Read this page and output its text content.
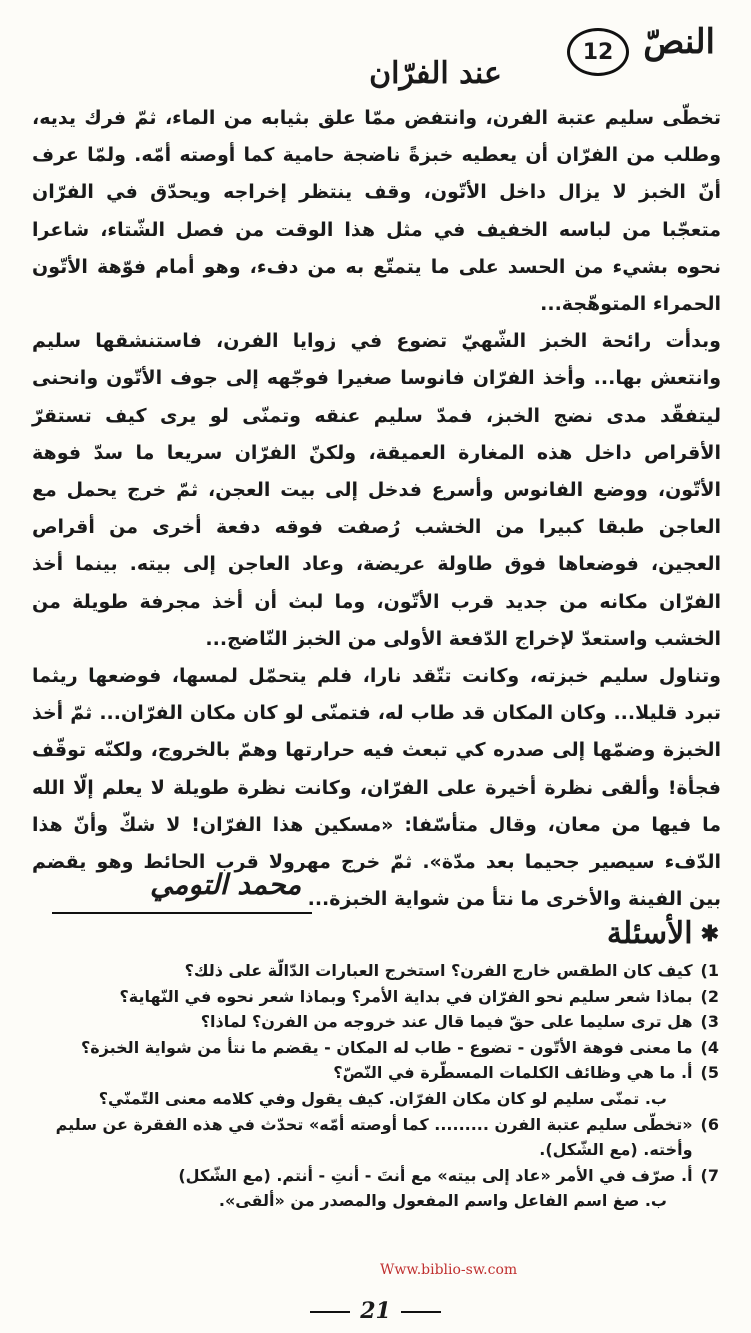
النصّ
12
عند الفرّان

تخطّى سليم عتبة الفرن، وانتفض ممّا علق بثيابه من الماء، ثمّ فرك يديه، وطلب من الفرّان أن يعطيه خبزةً ناضجة حامية كما أوصته أمّه. ولمّا عرف أنّ الخبز لا يزال داخل الأتّون، وقف ينتظر إخراجه ويحدّق في الفرّان متعجّبا من لباسه الخفيف في مثل هذا الوقت من فصل الشّتاء، شاعرا نحوه بشيء من الحسد على ما يتمتّع به من دفء، وهو أمام فوّهة الأتّون الحمراء المتوهّجة...

وبدأت رائحة الخبز الشّهيّ تضوع في زوايا الفرن، فاستنشقها سليم وانتعش بها... وأخذ الفرّان فانوسا صغيرا فوجّهه إلى جوف الأتّون وانحنى ليتفقّد مدى نضج الخبز، فمدّ سليم عنقه وتمنّى لو يرى كيف تستقرّ الأقراص داخل هذه المغارة العميقة، ولكنّ الفرّان سريعا ما سدّ فوهة الأتّون، ووضع الفانوس وأسرع فدخل إلى بيت العجن، ثمّ خرج يحمل مع العاجن طبقا كبيرا من الخشب رُصفت فوقه دفعة أخرى من أقراص العجين، فوضعاها فوق طاولة عريضة، وعاد العاجن إلى بيته. بينما أخذ الفرّان مكانه من جديد قرب الأتّون، وما لبث أن أخذ مجرفة طويلة من الخشب واستعدّ لإخراج الدّفعة الأولى من الخبز النّاضج...

وتناول سليم خبزته، وكانت تتّقد نارا، فلم يتحمّل لمسها، فوضعها ريثما تبرد قليلا... وكان المكان قد طاب له، فتمنّى لو كان مكان الفرّان... ثمّ أخذ الخبزة وضمّها إلى صدره كي تبعث فيه حرارتها وهمّ بالخروج، ولكنّه توقّف فجأة! وألقى نظرة أخيرة على الفرّان، وكانت نظرة طويلة لا يعلم إلّا الله ما فيها من معان، وقال متأسّفا: «مسكين هذا الفرّان! لا شكّ وأنّ هذا الدّفء سيصير جحيما بعد مدّة». ثمّ خرج مهرولا قرب الحائط وهو يقضم بين الفينة والأخرى ما نتأ من شواية الخبزة...

محمد التومي
✱
الأسئلة
1)
كيف كان الطقس خارج الفرن؟ استخرج العبارات الدّالّة على ذلك؟
2)
بماذا شعر سليم نحو الفرّان في بداية الأمر؟ وبماذا شعر نحوه في النّهاية؟
3)
هل ترى سليما على حقّ فيما قال عند خروجه من الفرن؟ لماذا؟
4)
ما معنى فوهة الأتّون - تضوع - طاب له المكان - يقضم ما نتأ من شواية الخبزة؟
5)
أ. ما هي وظائف الكلمات المسطّرة في النّصّ؟
ب. تمنّى سليم لو كان مكان الفرّان. كيف يقول وفي كلامه معنى التّمنّي؟
6)
«تخطّى سليم عتبة الفرن ......... كما أوصته أمّه» تحدّث في هذه الفقرة عن سليم وأخته. (مع الشّكل).
7)
أ. صرّف في الأمر «عاد إلى بيته» مع أنتَ - أنتِ - أنتم. (مع الشّكل)
ب. صغ اسم الفاعل واسم المفعول والمصدر من «ألقى».
Www.biblio-sw.com
21
